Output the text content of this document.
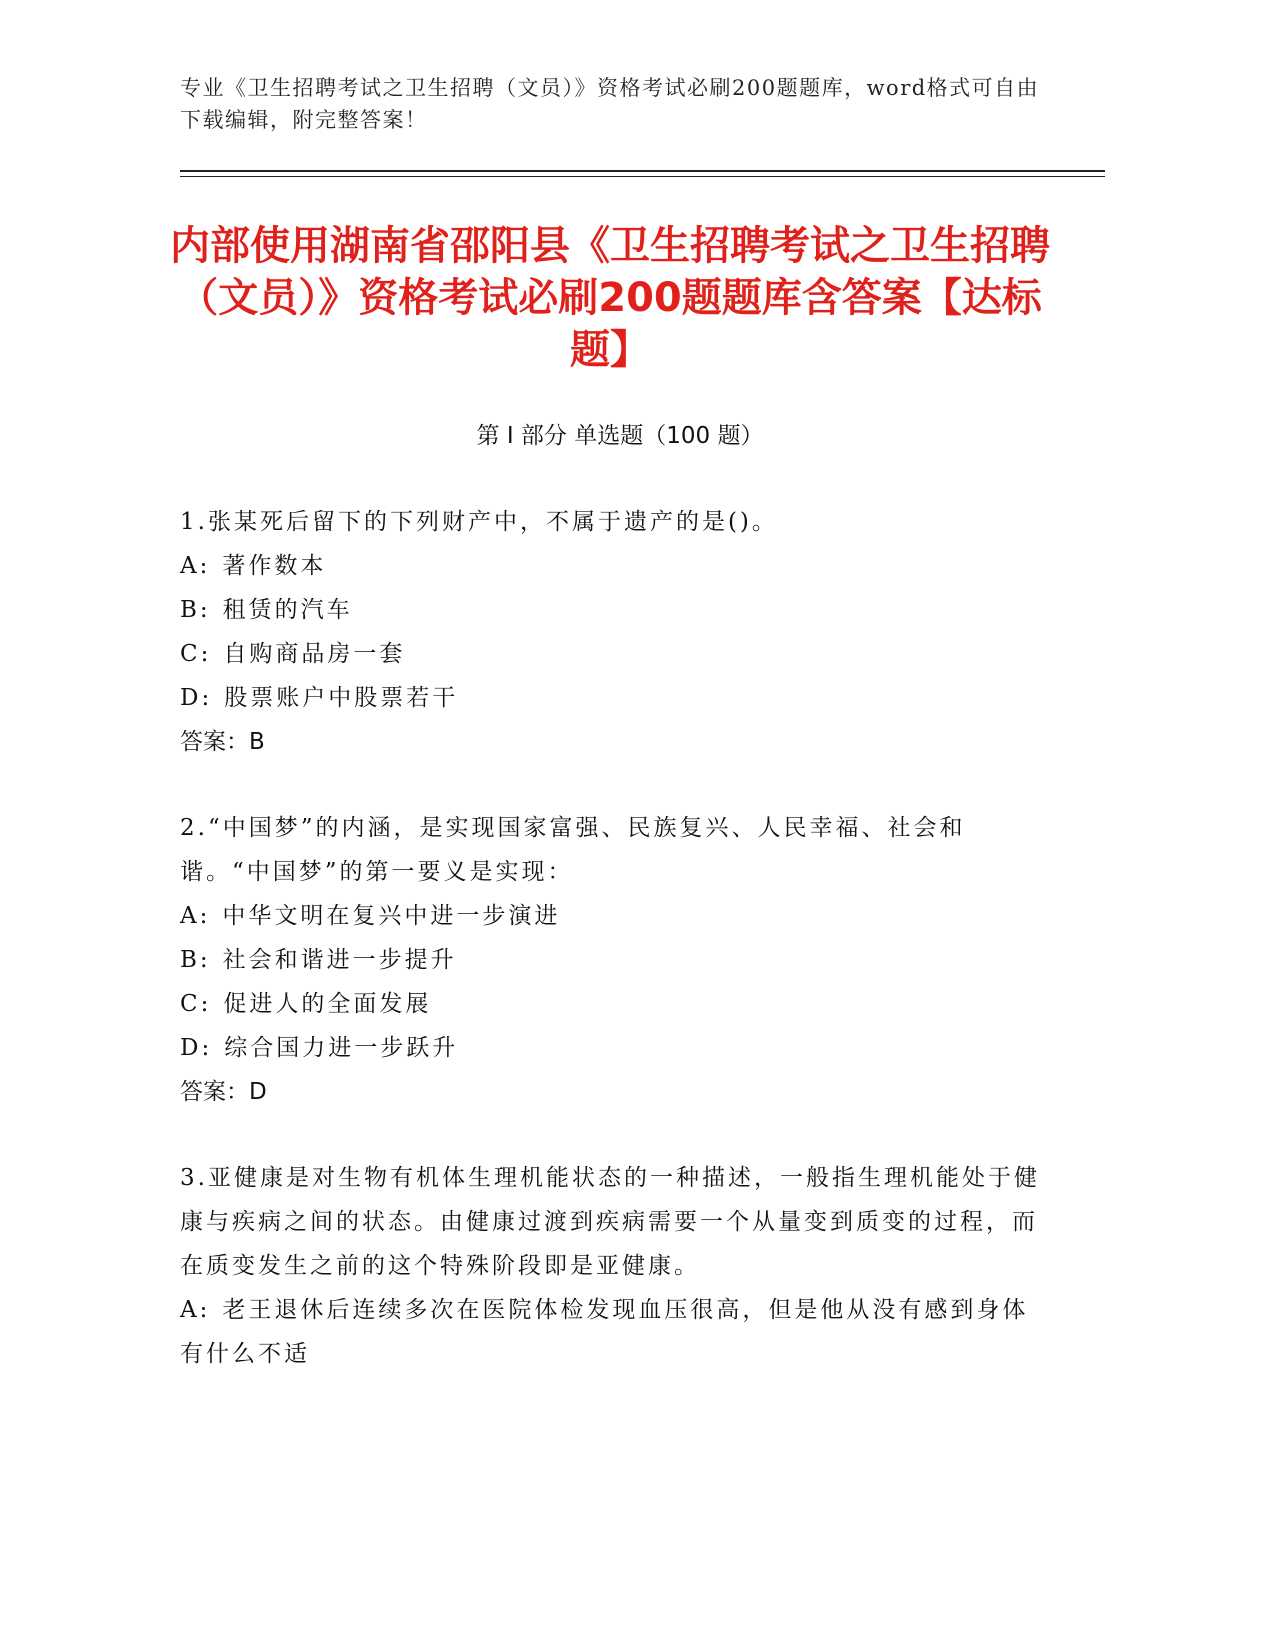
专业《卫生招聘考试之卫生招聘（文员）》资格考试必刷200题题库，word格式可自由下载编辑，附完整答案！
内部使用湖南省邵阳县《卫生招聘考试之卫生招聘（文员）》资格考试必刷200题题库含答案【达标题】
第 I 部分 单选题（100 题）
1.张某死后留下的下列财产中，不属于遗产的是()。
A: 著作数本
B: 租赁的汽车
C: 自购商品房一套
D: 股票账户中股票若干
答案：B
2.“中国梦”的内涵，是实现国家富强、民族复兴、人民幸福、社会和谐。“中国梦”的第一要义是实现：
A: 中华文明在复兴中进一步演进
B: 社会和谐进一步提升
C: 促进人的全面发展
D: 综合国力进一步跃升
答案：D
3.亚健康是对生物有机体生理机能状态的一种描述，一般指生理机能处于健康与疾病之间的状态。由健康过渡到疾病需要一个从量变到质变的过程，而在质变发生之前的这个特殊阶段即是亚健康。
A: 老王退休后连续多次在医院体检发现血压很高，但是他从没有感到身体有什么不适
